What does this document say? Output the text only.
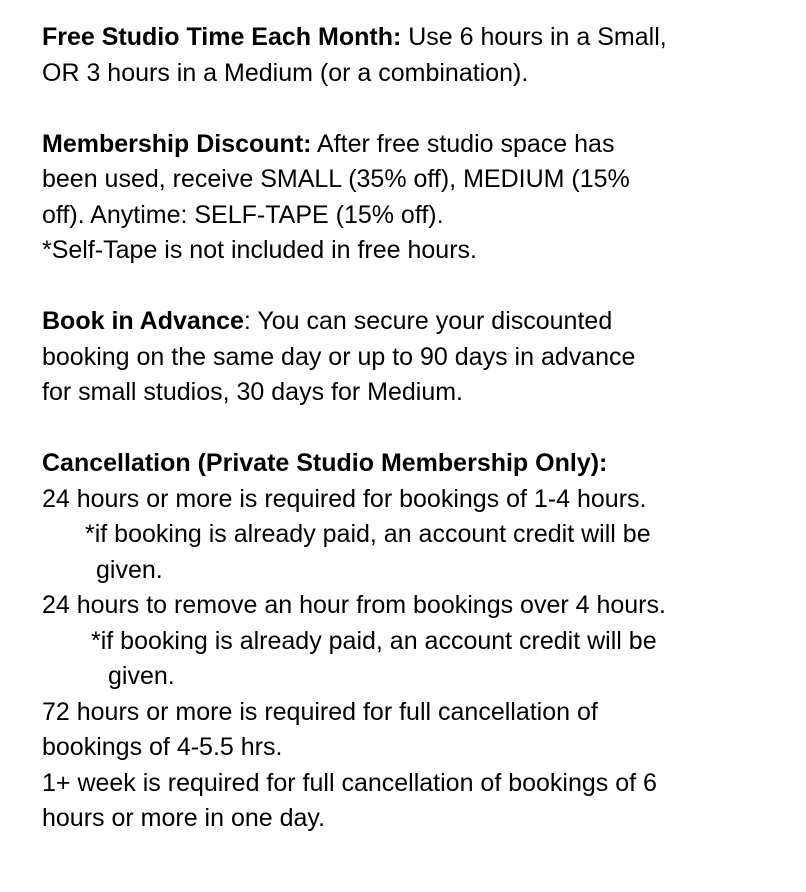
Free Studio Time Each Month: Use 6 hours in a Small,
OR 3 hours in a Medium (or a combination).
Membership Discount: After free studio space has
been used, receive SMALL (35% off), MEDIUM (15%
off). Anytime: SELF-TAPE (15% off).
*Self-Tape is not included in free hours.
Book in Advance: You can secure your discounted
booking on the same day or up to 90 days in advance
for small studios, 30 days for Medium.
Cancellation (Private Studio Membership Only):
24 hours or more is required for bookings of 1-4 hours.
*if booking is already paid, an account credit will be
given.
24 hours to remove an hour from bookings over 4 hours.
*if booking is already paid, an account credit will be
given.
72 hours or more is required for full cancellation of
bookings of 4-5.5 hrs.
1+ week is required for full cancellation of bookings of 6
hours or more in one day.
